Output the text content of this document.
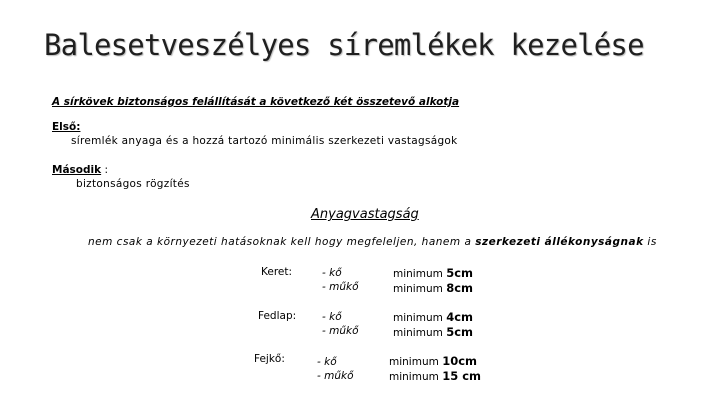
Balesetveszélyes síremlékek kezelése
A sírkövek biztonságos felállítását a következő két összetevő alkotja
Első:
síremlék anyaga és a hozzá tartozó minimális szerkezeti vastagságok
Második :
biztonságos rögzítés
Anyagvastagság
nem csak a környezeti hatásoknak kell hogy megfeleljen, hanem a szerkezeti állékonyságnak is
Keret:	- kő
- műkő
minimum 5cm
minimum 8cm
Fedlap: - kő
- műkő
minimum 4cm
minimum 5cm
Fejkő:	- kő
- műkő
minimum 10cm
minimum 15 cm
